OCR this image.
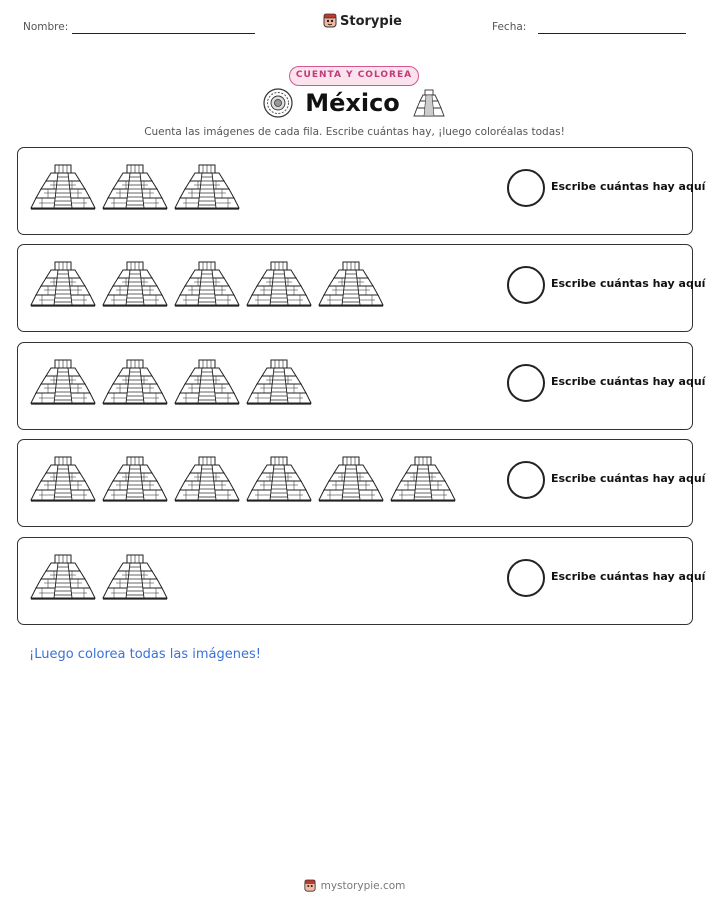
Nombre:	Storypie	Fecha:
CUENTA Y COLOREA
México
Cuenta las imágenes de cada fila. Escribe cuántas hay, ¡luego coloréalas todas!
Escribe cuántas hay aquí
Escribe cuántas hay aquí
Escribe cuántas hay aquí
Escribe cuántas hay aquí
Escribe cuántas hay aquí
¡Luego colorea todas las imágenes!
mystorypie.com
